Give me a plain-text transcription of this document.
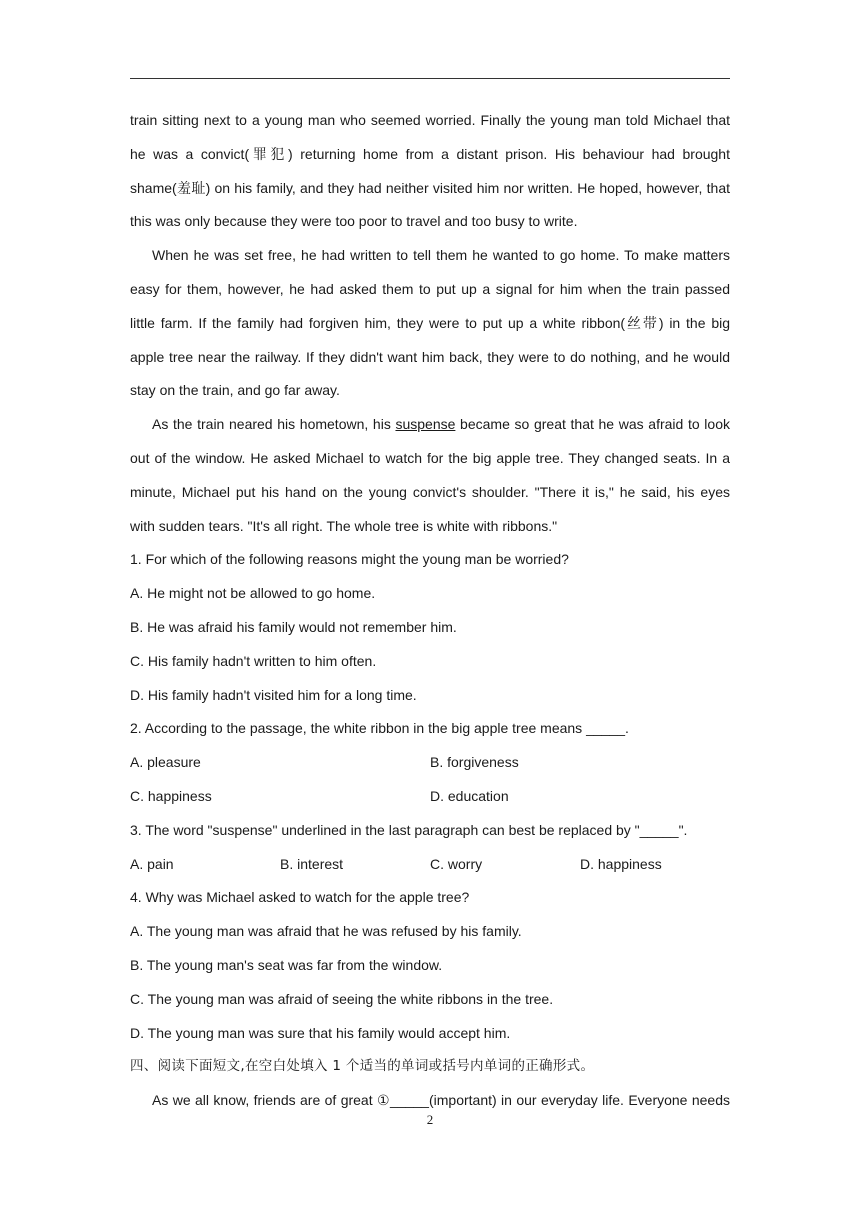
train sitting next to a young man who seemed worried. Finally the young man told Michael that
he was a convict(罪犯) returning home from a distant prison. His behaviour had brought
shame(羞耻) on his family, and they had neither visited him nor written. He hoped, however, that
this was only because they were too poor to travel and too busy to write.
When he was set free, he had written to tell them he wanted to go home. To make matters
easy for them, however, he had asked them to put up a signal for him when the train passed
little farm. If the family had forgiven him, they were to put up a white ribbon(丝带) in the big
apple tree near the railway. If they didn't want him back, they were to do nothing, and he would
stay on the train, and go far away.
As the train neared his hometown, his suspense became so great that he was afraid to look
out of the window. He asked Michael to watch for the big apple tree. They changed seats. In a
minute, Michael put his hand on the young convict's shoulder. "There it is," he said, his eyes
with sudden tears. "It's all right. The whole tree is white with ribbons."
1. For which of the following reasons might the young man be worried?
A. He might not be allowed to go home.
B. He was afraid his family would not remember him.
C. His family hadn't written to him often.
D. His family hadn't visited him for a long time.
2. According to the passage, the white ribbon in the big apple tree means _____.
A. pleasure	B. forgiveness
C. happiness	D. education
3. The word "suspense" underlined in the last paragraph can best be replaced by "_____".
A. pain	B. interest	C. worry	D. happiness
4. Why was Michael asked to watch for the apple tree?
A. The young man was afraid that he was refused by his family.
B. The young man's seat was far from the window.
C. The young man was afraid of seeing the white ribbons in the tree.
D. The young man was sure that his family would accept him.
四、阅读下面短文,在空白处填入 1 个适当的单词或括号内单词的正确形式。
As we all know, friends are of great ①_____(important) in our everyday life. Everyone needs
2
